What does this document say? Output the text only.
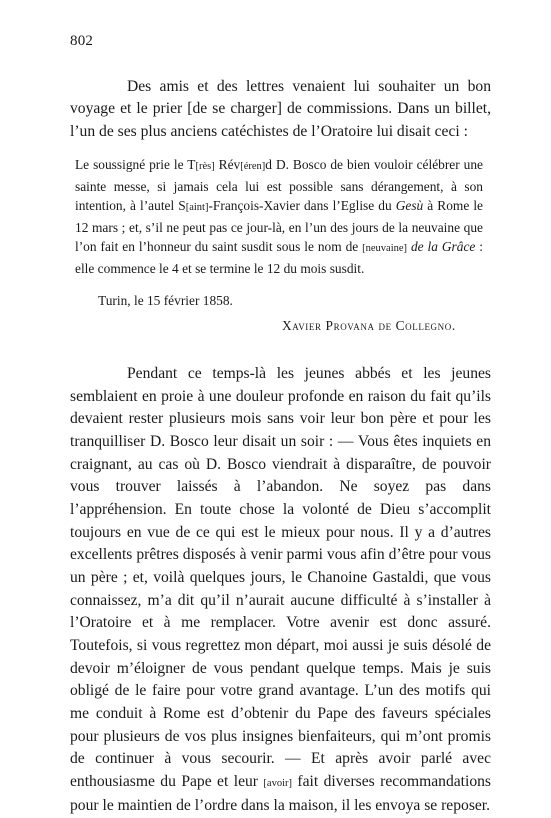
802

Des amis et des lettres venaient lui souhaiter un bon voyage et le prier [de se charger] de commissions. Dans un billet, l’un de ses plus anciens catéchistes de l’Oratoire lui disait ceci :

Le soussigné prie le T[rès] Rév[éren]d D. Bosco de bien vouloir célébrer une sainte messe, si jamais cela lui est possible sans dérangement, à son intention, à l’autel S[aint]-François-Xavier dans l’Eglise du Gesù à Rome le 12 mars ; et, s’il ne peut pas ce jour-là, en l’un des jours de la neuvaine que l’on fait en l’honneur du saint susdit sous le nom de [neuvaine] de la Grâce : elle commence le 4 et se termine le 12 du mois susdit.

Turin, le 15 février 1858.

Xavier Provana de Collegno.

Pendant ce temps-là les jeunes abbés et les jeunes semblaient en proie à une douleur profonde en raison du fait qu’ils devaient rester plusieurs mois sans voir leur bon père et pour les tranquilliser D. Bosco leur disait un soir : — Vous êtes inquiets en craignant, au cas où D. Bosco viendrait à disparaître, de pouvoir vous trouver laissés à l’abandon. Ne soyez pas dans l’appréhension. En toute chose la volonté de Dieu s’accomplit toujours en vue de ce qui est le mieux pour nous. Il y a d’autres excellents prêtres disposés à venir parmi vous afin d’être pour vous un père ; et, voilà quelques jours, le Chanoine Gastaldi, que vous connaissez, m’a dit qu’il n’aurait aucune difficulté à s’installer à l’Oratoire et à me remplacer. Votre avenir est donc assuré. Toutefois, si vous regrettez mon départ, moi aussi je suis désolé de devoir m’éloigner de vous pendant quelque temps. Mais je suis obligé de le faire pour votre grand avantage. L’un des motifs qui me conduit à Rome est d’obtenir du Pape des faveurs spéciales pour plusieurs de vos plus insignes bienfaiteurs, qui m’ont promis de continuer à vous secourir. — Et après avoir parlé avec enthousiasme du Pape et leur [avoir] fait diverses recommandations pour le maintien de l’ordre dans la maison, il les envoya se reposer.
